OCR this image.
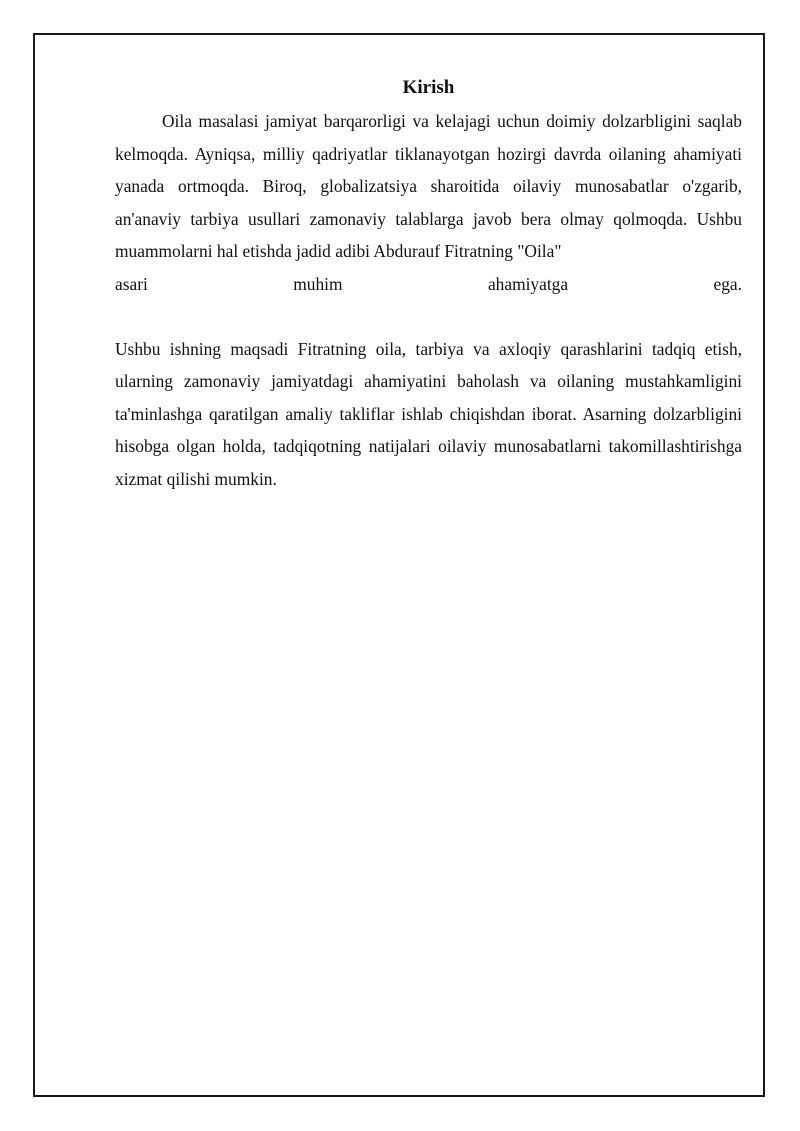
Kirish

Oila masalasi jamiyat barqarorligi va kelajagi uchun doimiy dolzarbligini saqlab kelmoqda. Ayniqsa, milliy qadriyatlar tiklanayotgan hozirgi davrda oilaning ahamiyati yanada ortmoqda. Biroq, globalizatsiya sharoitida oilaviy munosabatlar o'zgarib, an'anaviy tarbiya usullari zamonaviy talablarga javob bera olmay qolmoqda. Ushbu muammolarni hal etishda jadid adibi Abdurauf Fitratning "Oila"

asari muhim ahamiyatga ega.

Ushbu ishning maqsadi Fitratning oila, tarbiya va axloqiy qarashlarini tadqiq etish, ularning zamonaviy jamiyatdagi ahamiyatini baholash va oilaning mustahkamligini ta'minlashga qaratilgan amaliy takliflar ishlab chiqishdan iborat. Asarning dolzarbligini hisobga olgan holda, tadqiqotning natijalari oilaviy munosabatlarni takomillashtirishga xizmat qilishi mumkin.
